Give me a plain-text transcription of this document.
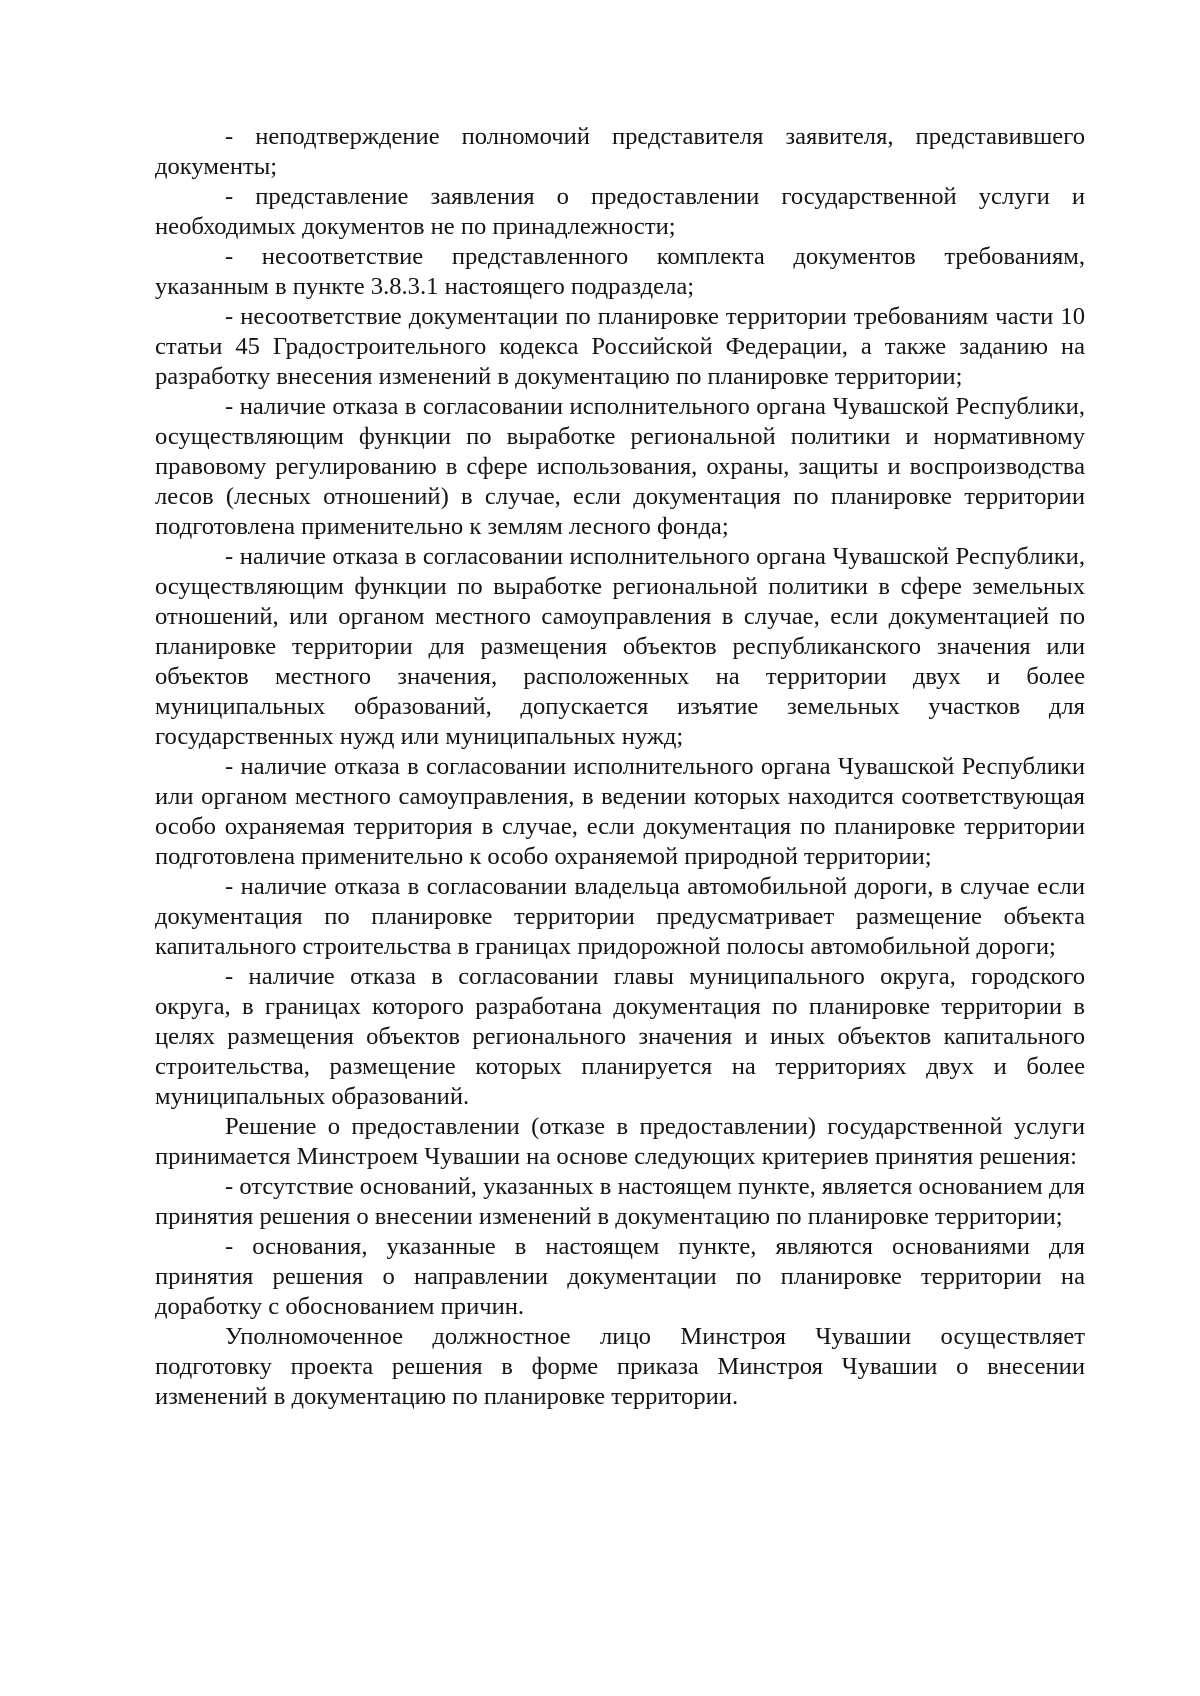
- неподтверждение полномочий представителя заявителя, представившего документы;

- представление заявления о предоставлении государственной услуги и необходимых документов не по принадлежности;

- несоответствие представленного комплекта документов требованиям, указанным в пункте 3.8.3.1 настоящего подраздела;

- несоответствие документации по планировке территории требованиям части 10 статьи 45 Градостроительного кодекса Российской Федерации, а также заданию на разработку внесения изменений в документацию по планировке территории;

- наличие отказа в согласовании исполнительного органа Чувашской Республики, осуществляющим функции по выработке региональной политики и нормативному правовому регулированию в сфере использования, охраны, защиты и воспроизводства лесов (лесных отношений) в случае, если документация по планировке территории подготовлена применительно к землям лесного фонда;

- наличие отказа в согласовании исполнительного органа Чувашской Республики, осуществляющим функции по выработке региональной политики в сфере земельных отношений, или органом местного самоуправления в случае, если документацией по планировке территории для размещения объектов республиканского значения или объектов местного значения, расположенных на территории двух и более муниципальных образований, допускается изъятие земельных участков для государственных нужд или муниципальных нужд;

- наличие отказа в согласовании исполнительного органа Чувашской Республики или органом местного самоуправления, в ведении которых находится соответствующая особо охраняемая территория в случае, если документация по планировке территории подготовлена применительно к особо охраняемой природной территории;

- наличие отказа в согласовании владельца автомобильной дороги, в случае если документация по планировке территории предусматривает размещение объекта капитального строительства в границах придорожной полосы автомобильной дороги;

- наличие отказа в согласовании главы муниципального округа, городского округа, в границах которого разработана документация по планировке территории в целях размещения объектов регионального значения и иных объектов капитального строительства, размещение которых планируется на территориях двух и более муниципальных образований.

Решение о предоставлении (отказе в предоставлении) государственной услуги принимается Минстроем Чувашии на основе следующих критериев принятия решения:

- отсутствие оснований, указанных в настоящем пункте, является основанием для принятия решения о внесении изменений в документацию по планировке территории;

- основания, указанные в настоящем пункте, являются основаниями для принятия решения о направлении документации по планировке территории на доработку с обоснованием причин.

Уполномоченное должностное лицо Минстроя Чувашии осуществляет подготовку проекта решения в форме приказа Минстроя Чувашии о внесении изменений в документацию по планировке территории.
